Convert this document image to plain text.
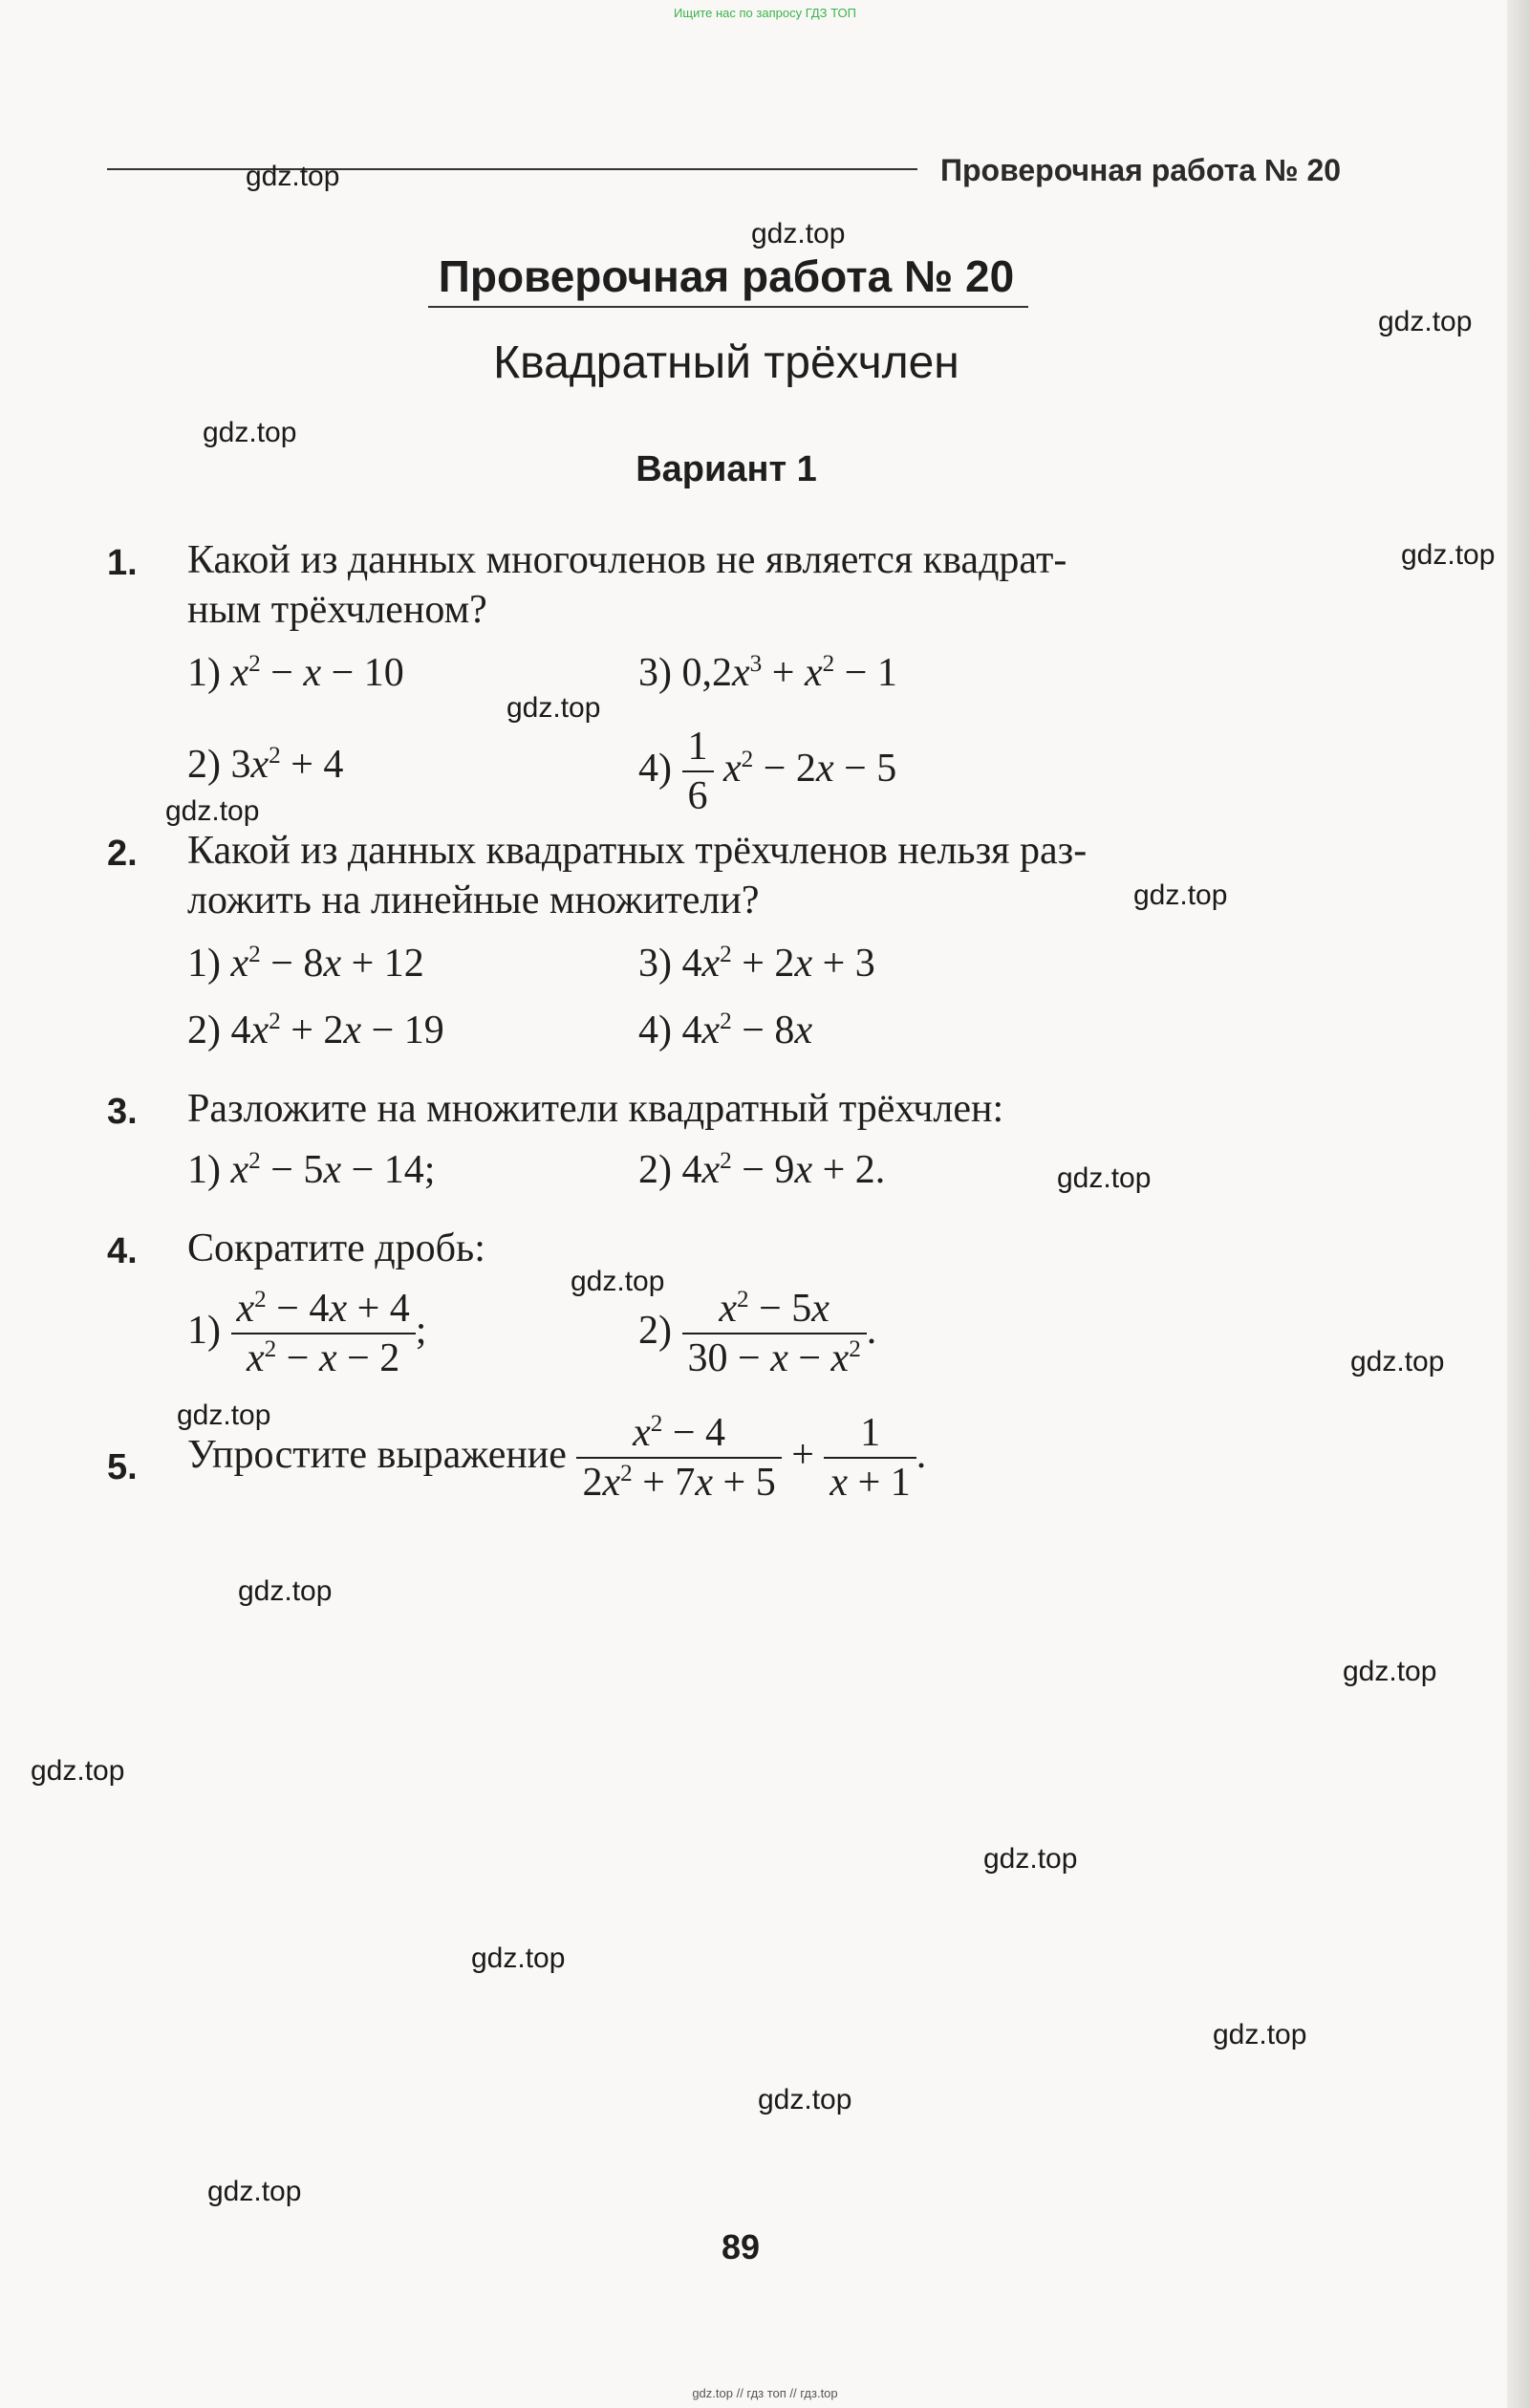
Ищите нас по запросу ГДЗ ТОП
Проверочная работа № 20
Проверочная работа № 20
Квадратный трёхчлен
Вариант 1
1. Какой из данных многочленов не является квадрат-
ным трёхчленом?
1) $x^2 - x - 10$	3) $0,2x^3 + x^2 - 1$
2) $3x^2 + 4$	$4) \frac{1}{6} x^2 - 2x - 5$
2. Какой из данных квадратных трёхчленов нельзя раз-
ложить на линейные множители?
1) $x^2 - 8x + 12$	3) $4x^2 + 2x + 3$
2) $4x^2 + 2x - 19$	4) $4x^2 - 8x$
3. Разложите на множители квадратный трёхчлен:
1) $x^2 - 5x - 14$;	2) $4x^2 - 9x + 2$.
4. Сократите дробь:
$1) \frac{x^2 - 4x + 4}{x^2 - x - 2}$ ;	$2) \frac{x^2 - 5x}{30 - x - x^2}$ .
5. Упростите выражение $\frac{x^2 - 4}{2x^2 + 7x + 5} + \frac{1}{x + 1}$ .
gdz.top
gdz.top
gdz.top
gdz.top
gdz.top
gdz.top
gdz.top
gdz.top
gdz.top
gdz.top
gdz.top
gdz.top
gdz.top
gdz.top
gdz.top
gdz.top
gdz.top
gdz.top
gdz.top
gdz.top
89
gdz.top // гдз топ // гдз.top
